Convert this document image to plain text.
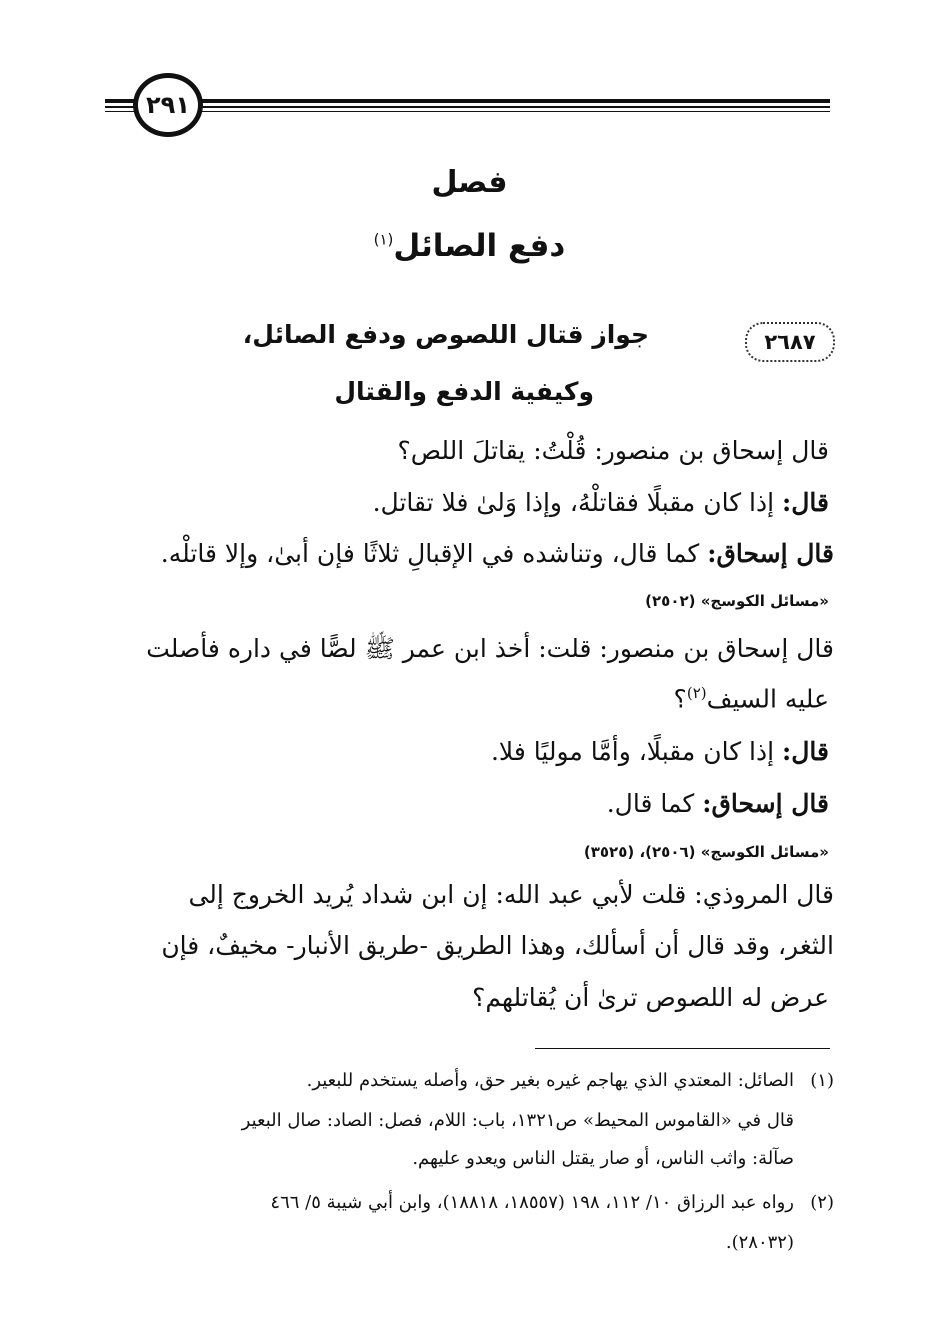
٢٩١
فصل
دفع الصائل$^{(١)}$
٢٦٨٧
جواز قتال اللصوص ودفع الصائل،
وكيفية الدفع والقتال
قال إسحاق بن منصور: قُلْتُ: يقاتلَ اللص؟
قال: إذا كان مقبلًا فقاتلْهُ، وإذا وَلىٰ فلا تقاتل.
قال إسحاق: كما قال، وتناشده في الإقبالِ ثلاثًا فإن أبىٰ، وإلا قاتلْه.
«مسائل الكوسج» (٢٥٠٢)
قال إسحاق بن منصور: قلت: أخذ ابن عمر ﷺ لصًّا في داره فأصلت
عليه السيف$^{(٢)}$؟
قال: إذا كان مقبلًا، وأمَّا موليًا فلا.
قال إسحاق: كما قال.
«مسائل الكوسج» (٢٥٠٦)، (٣٥٢٥)
قال المروذي: قلت لأبي عبد الله: إن ابن شداد يُريد الخروج إلى
الثغر، وقد قال أن أسألك، وهذا الطريق -طريق الأنبار- مخيفٌ، فإن
عرض له اللصوص ترىٰ أن يُقاتلهم؟
(١)الصائل: المعتدي الذي يهاجم غيره بغير حق، وأصله يستخدم للبعير.
قال في «القاموس المحيط» ص١٣٢١، باب: اللام، فصل: الصاد: صال البعير
صآلة: واثب الناس، أو صار يقتل الناس ويعدو عليهم.
(٢)رواه عبد الرزاق ١٠/ ١١٢، ١٩٨ (١٨٥٥٧، ١٨٨١٨)، وابن أبي شيبة ٥/ ٤٦٦
(٢٨٠٣٢).
